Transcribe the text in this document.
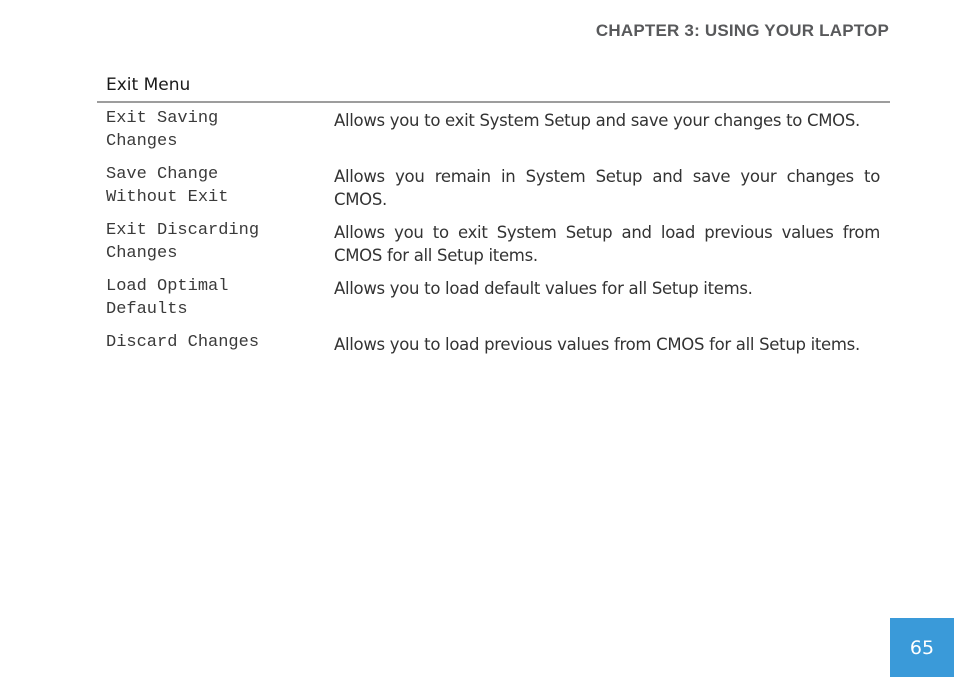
CHAPTER 3: USING YOUR LAPTOP
Exit Menu
Exit Saving
Changes
Allows you to exit System Setup and save your changes to CMOS.
Save Change
Without Exit
Allows you remain in System Setup and save your changes to CMOS.
Exit Discarding
Changes
Allows you to exit System Setup and load previous values from CMOS for all Setup items.
Load Optimal
Defaults
Allows you to load default values for all Setup items.
Discard Changes	Allows you to load previous values from CMOS for all Setup items.
65
